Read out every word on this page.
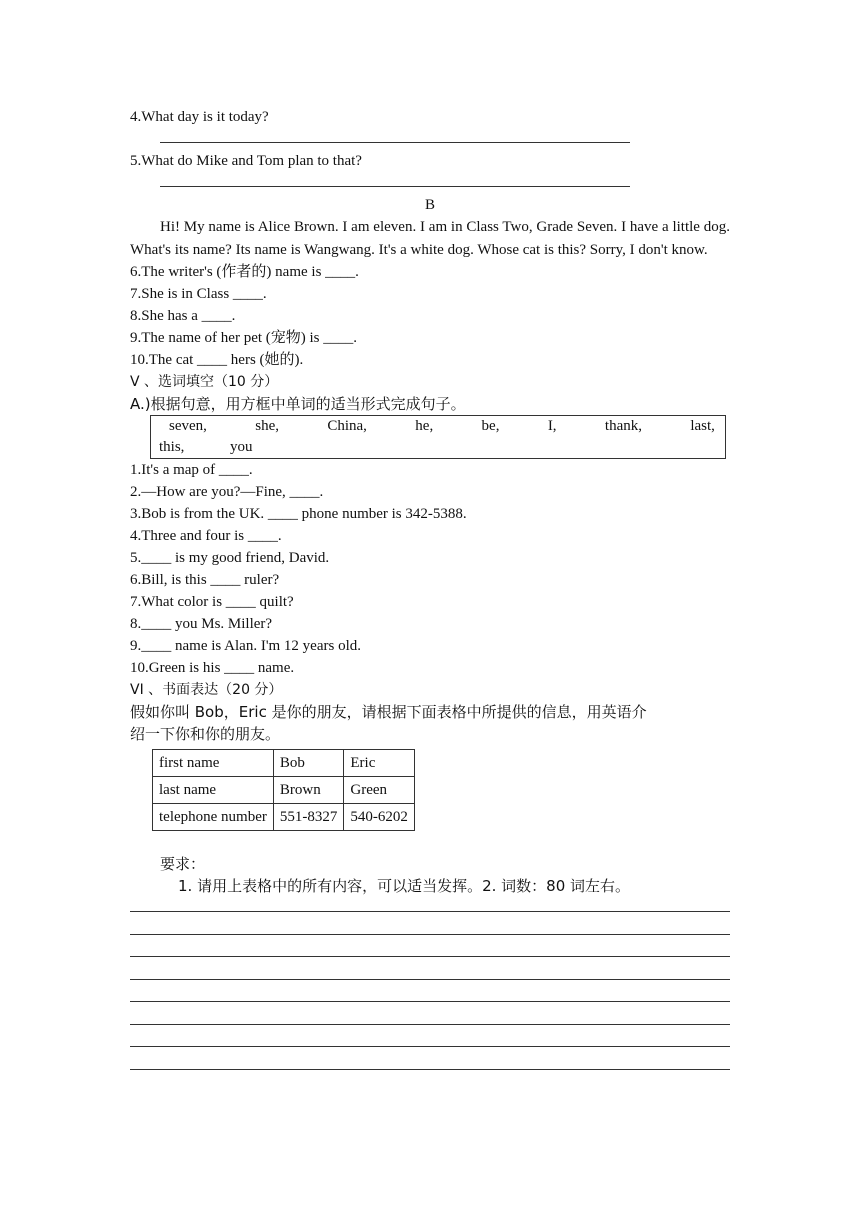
4.What day is it today?
5.What do Mike and Tom plan to that?
B
Hi! My name is Alice Brown. I am eleven. I am in Class Two, Grade Seven. I have a little dog. What's its name? Its name is Wangwang. It's a white dog. Whose cat is this? Sorry, I don't know.
6.The writer's (作者的) name is ____.
7.She is in Class ____.
8.She has a ____.
9.The name of her pet (宠物) is ____.
10.The cat ____ hers (她的).
V 、选词填空（10 分）
A.)根据句意，用方框中单词的适当形式完成句子。
seven,	she,	China,	he,	be,	I,	thank,	last,
this,	you
1.It's a map of ____.
2.—How are you?—Fine, ____.
3.Bob is from the UK. ____ phone number is 342-5388.
4.Three and four is ____.
5.____ is my good friend, David.
6.Bill, is this ____ ruler?
7.What color is ____ quilt?
8.____ you Ms. Miller?
9.____ name is Alan. I'm 12 years old.
10.Green is his ____ name.
VI 、书面表达（20 分）
假如你叫 Bob，Eric 是你的朋友，请根据下面表格中所提供的信息，用英语介
绍一下你和你的朋友。
first name	Bob	Eric
last name	Brown	Green
telephone number	551-8327	540-6202
要求：
1. 请用上表格中的所有内容，可以适当发挥。2. 词数：80 词左右。
